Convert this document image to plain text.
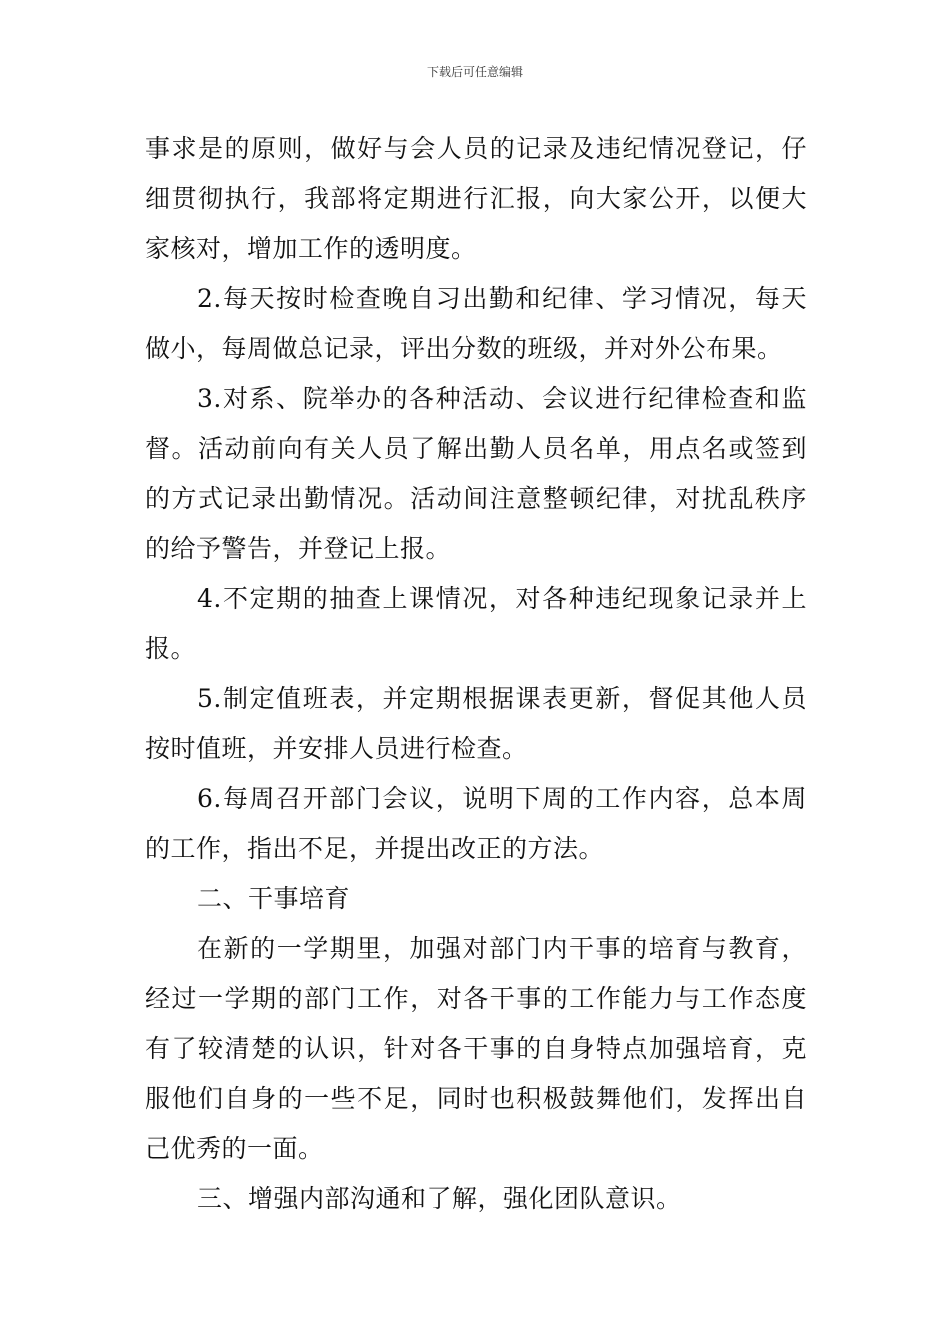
下载后可任意编辑

事求是的原则，做好与会人员的记录及违纪情况登记，仔细贯彻执行，我部将定期进行汇报，向大家公开，以便大家核对，增加工作的透明度。

2.每天按时检查晚自习出勤和纪律、学习情况，每天做小，每周做总记录，评出分数的班级，并对外公布果。

3.对系、院举办的各种活动、会议进行纪律检查和监督。活动前向有关人员了解出勤人员名单，用点名或签到的方式记录出勤情况。活动间注意整顿纪律，对扰乱秩序的给予警告，并登记上报。

4.不定期的抽查上课情况，对各种违纪现象记录并上报。

5.制定值班表，并定期根据课表更新，督促其他人员按时值班，并安排人员进行检查。

6.每周召开部门会议，说明下周的工作内容，总本周的工作，指出不足，并提出改正的方法。

二、干事培育

在新的一学期里，加强对部门内干事的培育与教育，经过一学期的部门工作，对各干事的工作能力与工作态度有了较清楚的认识，针对各干事的自身特点加强培育，克服他们自身的一些不足，同时也积极鼓舞他们，发挥出自己优秀的一面。

三、增强内部沟通和了解，强化团队意识。
